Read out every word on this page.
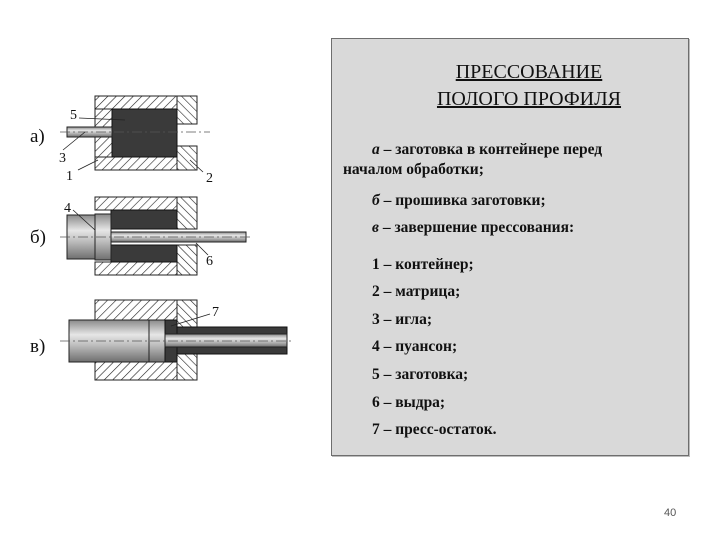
а)
б)
в)
5
3
1	2
4
6
7
ПРЕССОВАНИЕ
ПОЛОГО ПРОФИЛЯ
а – заготовка в контейнере перед
началом обработки;
б – прошивка заготовки;
в – завершение прессования:
1 – контейнер;
2 – матрица;
3 – игла;
4 – пуансон;
5 – заготовка;
6 – выдра;
7 – пресс-остаток.
40
